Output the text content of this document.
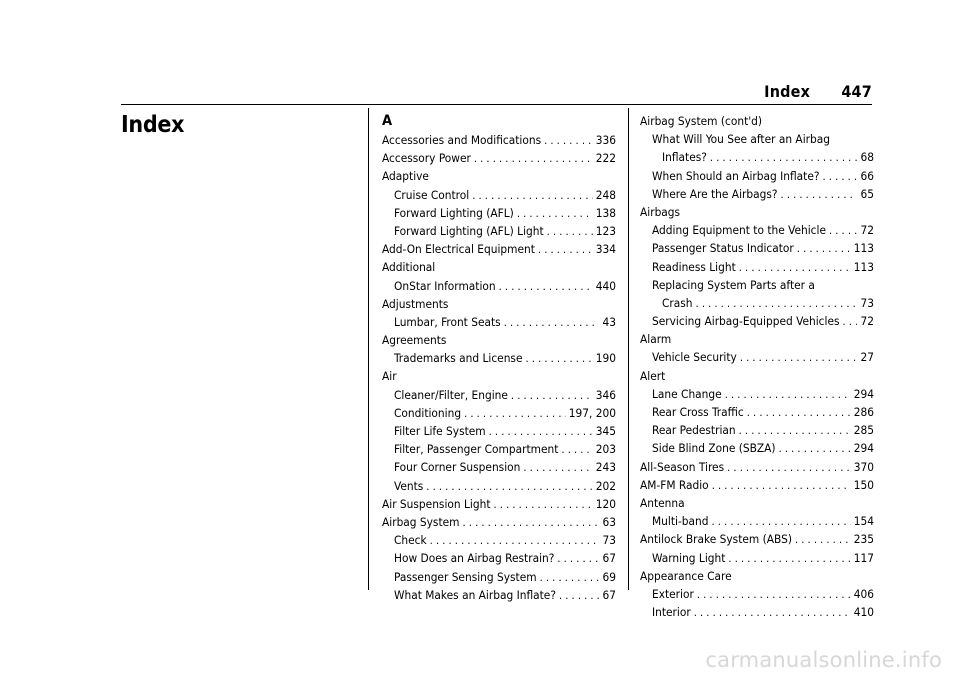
Index 447
Index	A
Accessories and Modifications . . .	336
Accessory Power . . .	222
Adaptive
Cruise Control . . .	248
Forward Lighting (AFL) . . .	138
Forward Lighting (AFL) Light . . .	123
Add-On Electrical Equipment . . .	334
Additional
OnStar Information . . .	440
Adjustments
Lumbar, Front Seats . . .	43
Agreements
Trademarks and License . . .	190
Air
Cleaner/Filter, Engine . . .	346
Conditioning . . .	197, 200
Filter Life System . . .	345
Filter, Passenger Compartment . . .	203
Four Corner Suspension . . .	243
Vents . . .	202
Air Suspension Light . . .	120
Airbag System . . .	63
Check . . .	73
How Does an Airbag Restrain? . . .	67
Passenger Sensing System . . .	69
What Makes an Airbag Inflate? . . .	67
Airbag System (cont'd)
What Will You See after an Airbag
Inflates? . . .	68
When Should an Airbag Inflate? . . .	66
Where Are the Airbags? . . .	65
Airbags
Adding Equipment to the Vehicle . . .	72
Passenger Status Indicator . . .	113
Readiness Light . . .	113
Replacing System Parts after a
Crash . . .	73
Servicing Airbag-Equipped Vehicles . . . 72
Alarm
Vehicle Security . . .	27
Alert
Lane Change . . .	294
Rear Cross Traffic . . .	286
Rear Pedestrian . . .	285
Side Blind Zone (SBZA) . . .	294
All-Season Tires . . .	370
AM-FM Radio . . .	150
Antenna
Multi-band . . .	154
Antilock Brake System (ABS) . . .	235
Warning Light . . .	117
Appearance Care
Exterior . . .	406
Interior . . .	410
carmanualsonline.info
